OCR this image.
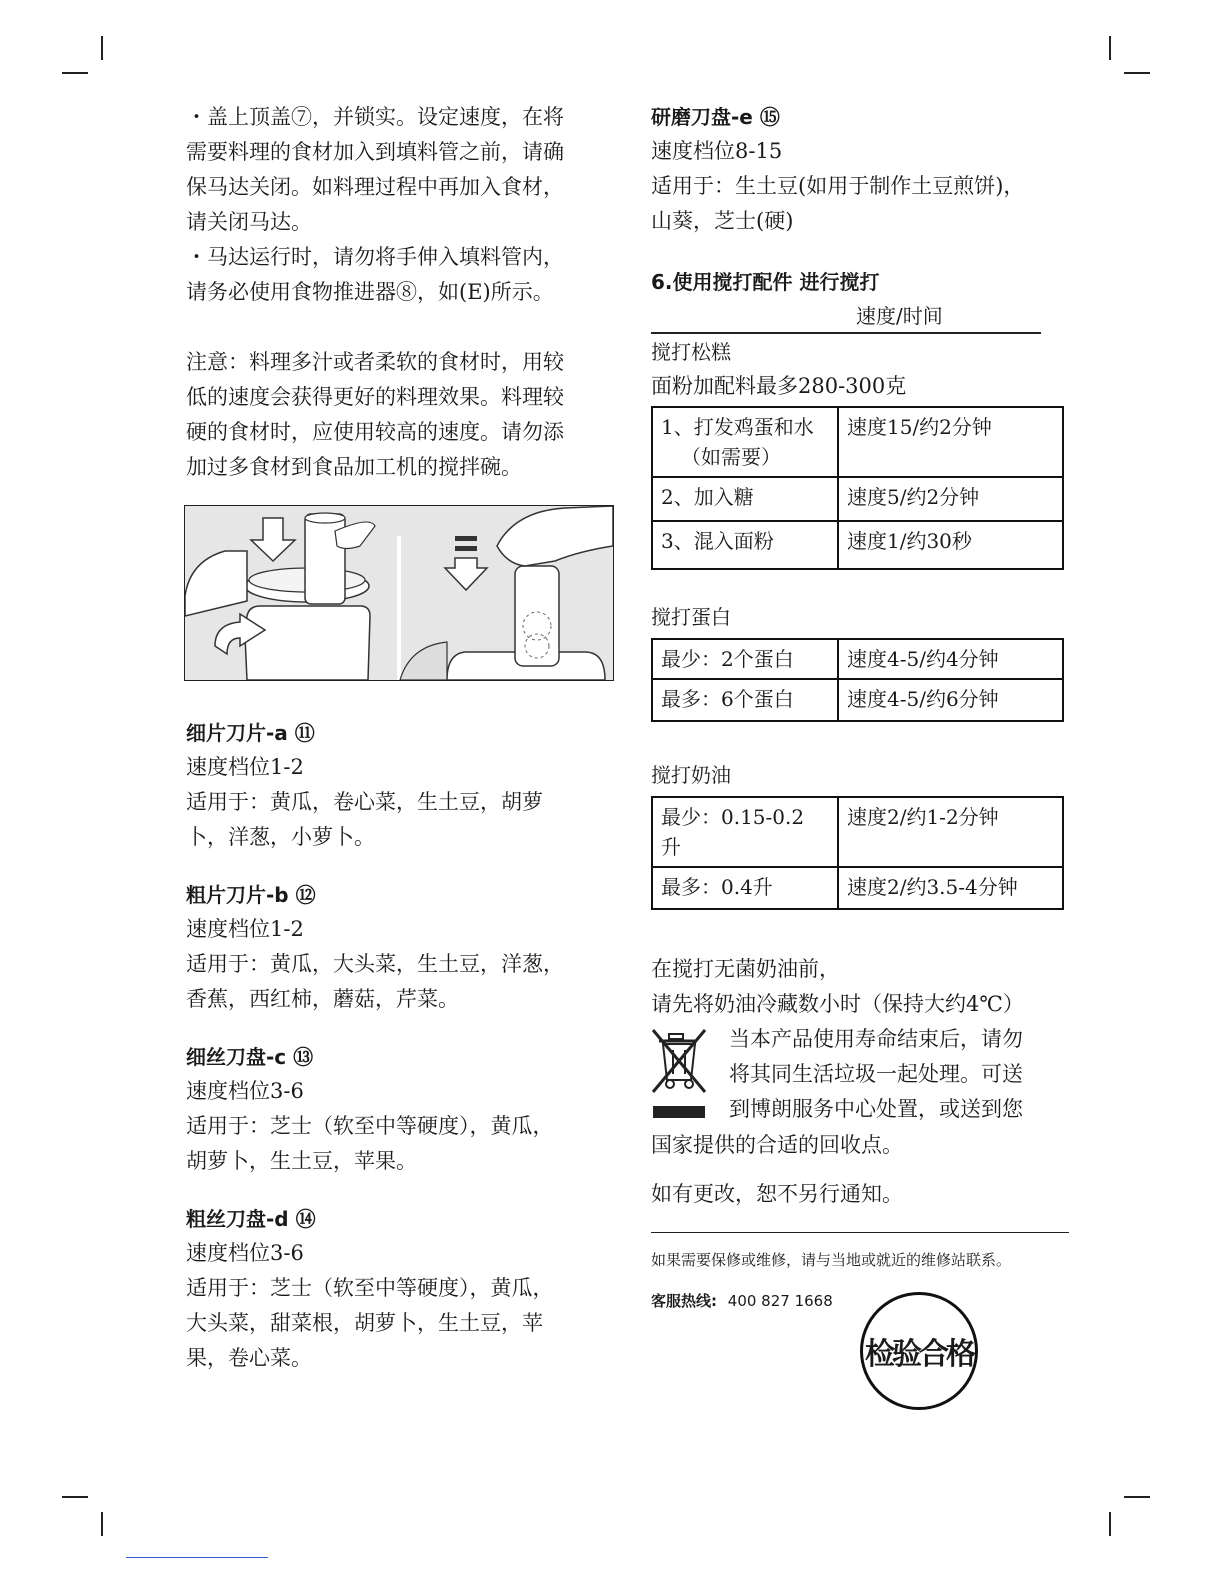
・盖上顶盖⑦，并锁实。设定速度，在将

需要料理的食材加入到填料管之前，请确

保马达关闭。如料理过程中再加入食材，

请关闭马达。

・马达运行时，请勿将手伸入填料管内，

请务必使用食物推进器⑧，如(E)所示。

注意：料理多汁或者柔软的食材时，用较

低的速度会获得更好的料理效果。料理较

硬的食材时，应使用较高的速度。请勿添

加过多食材到食品加工机的搅拌碗。

细片刀片-a ⑪

速度档位1-2

适用于：黄瓜，卷心菜，生土豆，胡萝

卜，洋葱，小萝卜。

粗片刀片-b ⑫

速度档位1-2

适用于：黄瓜，大头菜，生土豆，洋葱，

香蕉，西红柿，蘑菇，芹菜。

细丝刀盘-c ⑬

速度档位3-6

适用于：芝士（软至中等硬度），黄瓜，

胡萝卜，生土豆，苹果。

粗丝刀盘-d ⑭

速度档位3-6

适用于：芝士（软至中等硬度），黄瓜，

大头菜，甜菜根，胡萝卜，生土豆，苹

果，卷心菜。

研磨刀盘-e ⑮

速度档位8-15

适用于：生土豆(如用于制作土豆煎饼)，

山葵，芝士(硬)

6.使用搅打配件 进行搅打

速度/时间

搅打松糕

面粉加配料最多280-300克

1、打发鸡蛋和水
（如需要）	速度15/约2分钟
2、加入糖	速度5/约2分钟
3、混入面粉	速度1/约30秒

搅打蛋白

最少：2个蛋白	速度4-5/约4分钟
最多：6个蛋白	速度4-5/约6分钟

搅打奶油

最少：0.15-0.2
升	速度2/约1-2分钟
最多：0.4升	速度2/约3.5-4分钟

在搅打无菌奶油前，

请先将奶油冷藏数小时（保持大约4℃）

当本产品使用寿命结束后，请勿

将其同生活垃圾一起处理。可送

到博朗服务中心处置，或送到您

国家提供的合适的回收点。

如有更改，恕不另行通知。

如果需要保修或维修，请与当地或就近的维修站联系。

客服热线: 400 827 1668

检验合格
